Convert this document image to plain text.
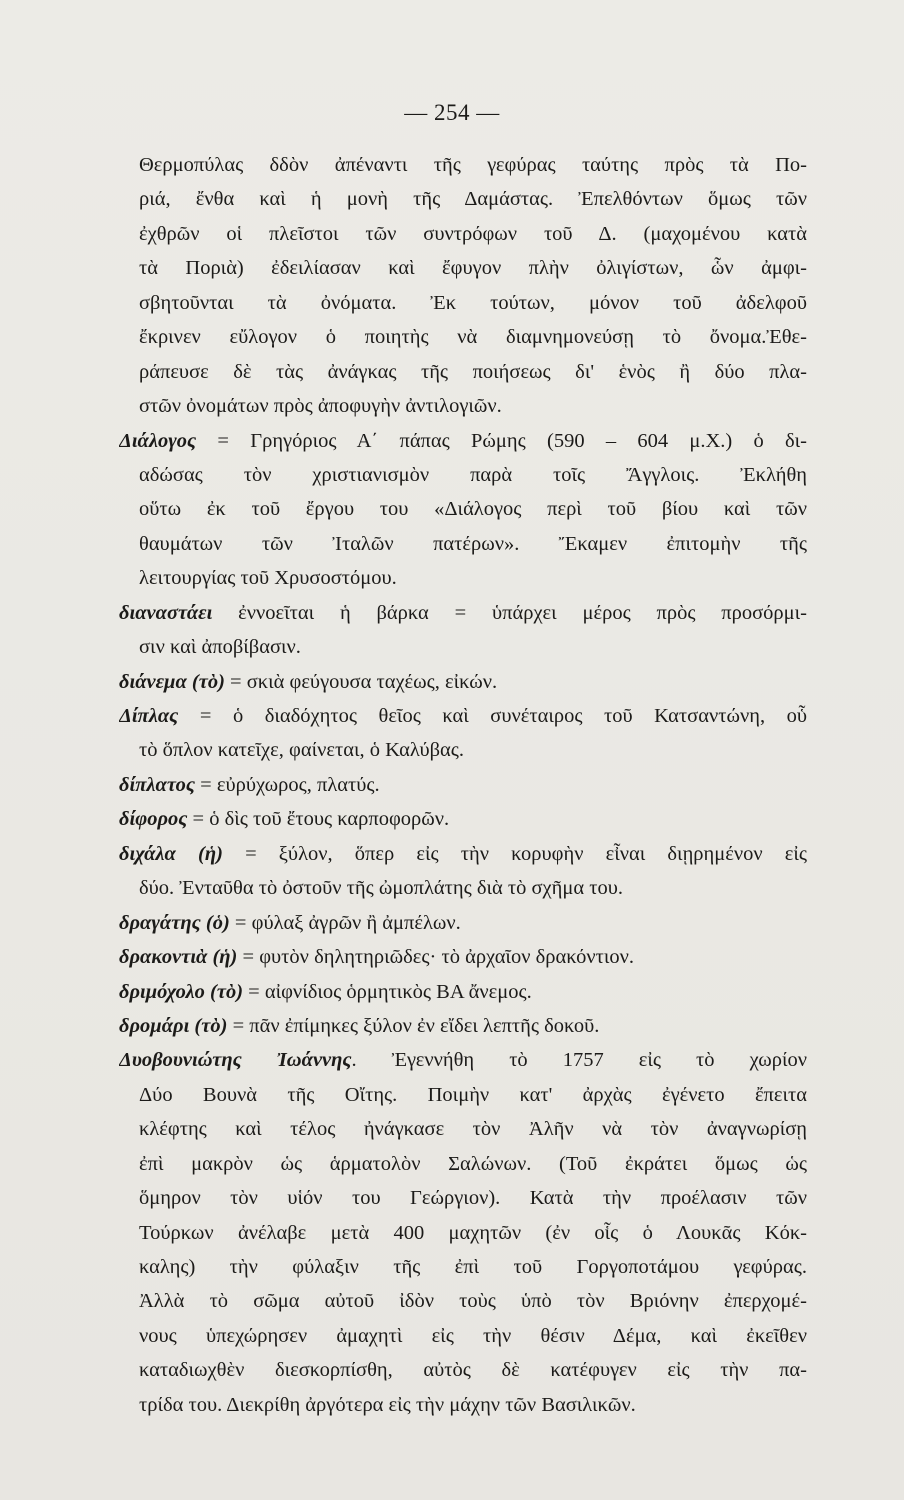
— 254 —
Θερμοπύλας δδὸν ἀπέναντι τῆς γεφύρας ταύτης πρὸς τὰ Πο-
ριά, ἔνθα καὶ ἡ μονὴ τῆς Δαμάστας. Ἐπελθόντων ὅμως τῶν
ἐχθρῶν οἱ πλεῖστοι τῶν συντρόφων τοῦ Δ. (μαχομένου κατὰ
τὰ Ποριὰ) ἐδειλίασαν καὶ ἔφυγον πλὴν ὀλιγίστων, ὧν ἀμφι-
σβητοῦνται τὰ ὀνόματα. Ἐκ τούτων, μόνον τοῦ ἀδελφοῦ
ἔκρινεν εὔλογον ὁ ποιητὴς νὰ διαμνημονεύσῃ τὸ ὄνομα.Ἐθε-
ράπευσε δὲ τὰς ἀνάγκας τῆς ποιήσεως δι' ἑνὸς ἢ δύο πλα-
στῶν ὀνομάτων πρὸς ἀποφυγὴν ἀντιλογιῶν.
Διάλογος = Γρηγόριος Α΄ πάπας Ρώμης (590 – 604 μ.Χ.) ὁ δι-
αδώσας τὸν χριστιανισμὸν παρὰ τοῖς Ἄγγλοις. Ἐκλήθη
οὕτω ἐκ τοῦ ἔργου του «Διάλογος περὶ τοῦ βίου καὶ τῶν
θαυμάτων τῶν Ἰταλῶν πατέρων». Ἔκαμεν ἐπιτομὴν τῆς
λειτουργίας τοῦ Χρυσοστόμου.
διαναστάει ἐννοεῖται ἡ βάρκα = ὑπάρχει μέρος πρὸς προσόρμι-
σιν καὶ ἀποβίβασιν.
διάνεμα (τὸ) = σκιὰ φεύγουσα ταχέως, εἰκών.
Δίπλας = ὁ διαδόχητος θεῖος καὶ συνέταιρος τοῦ Κατσαντώνη, οὗ
τὸ ὅπλον κατεῖχε, φαίνεται, ὁ Καλύβας.
δίπλατος = εὐρύχωρος, πλατύς.
δίφορος = ὁ δὶς τοῦ ἔτους καρποφορῶν.
διχάλα (ἡ) = ξύλον, ὅπερ εἰς τὴν κορυφὴν εἶναι διῃρημένον εἰς
δύο. Ἐνταῦθα τὸ ὀστοῦν τῆς ὠμοπλάτης διὰ τὸ σχῆμα του.
δραγάτης (ὁ) = φύλαξ ἀγρῶν ἢ ἀμπέλων.
δρακοντιὰ (ἡ) = φυτὸν δηλητηριῶδες· τὸ ἀρχαῖον δρακόντιον.
δριμόχολο (τὸ) = αἰφνίδιος ὁρμητικὸς ΒΑ ἄνεμος.
δρομάρι (τὸ) = πᾶν ἐπίμηκες ξύλον ἐν εἴδει λεπτῆς δοκοῦ.
Δυοβουνιώτης Ἰωάννης. Ἐγεννήθη τὸ 1757 εἰς τὸ χωρίον
Δύο Βουνὰ τῆς Οἴτης. Ποιμὴν κατ' ἀρχὰς ἐγένετο ἔπειτα
κλέφτης καὶ τέλος ἠνάγκασε τὸν Ἀλῆν νὰ τὸν ἀναγνωρίσῃ
ἐπὶ μακρὸν ὡς ἁρματολὸν Σαλώνων. (Τοῦ ἐκράτει ὅμως ὡς
ὅμηρον τὸν υἱόν του Γεώργιον). Κατὰ τὴν προέλασιν τῶν
Τούρκων ἀνέλαβε μετὰ 400 μαχητῶν (ἐν οἷς ὁ Λουκᾶς Κόκ-
καλης) τὴν φύλαξιν τῆς ἐπὶ τοῦ Γοργοποτάμου γεφύρας.
Ἀλλὰ τὸ σῶμα αὐτοῦ ἰδὸν τοὺς ὑπὸ τὸν Βριόνην ἐπερχομέ-
νους ὑπεχώρησεν ἀμαχητὶ εἰς τὴν θέσιν Δέμα, καὶ ἐκεῖθεν
καταδιωχθὲν διεσκορπίσθη, αὐτὸς δὲ κατέφυγεν εἰς τὴν πα-
τρίδα του. Διεκρίθη ἀργότερα εἰς τὴν μάχην τῶν Βασιλικῶν.
